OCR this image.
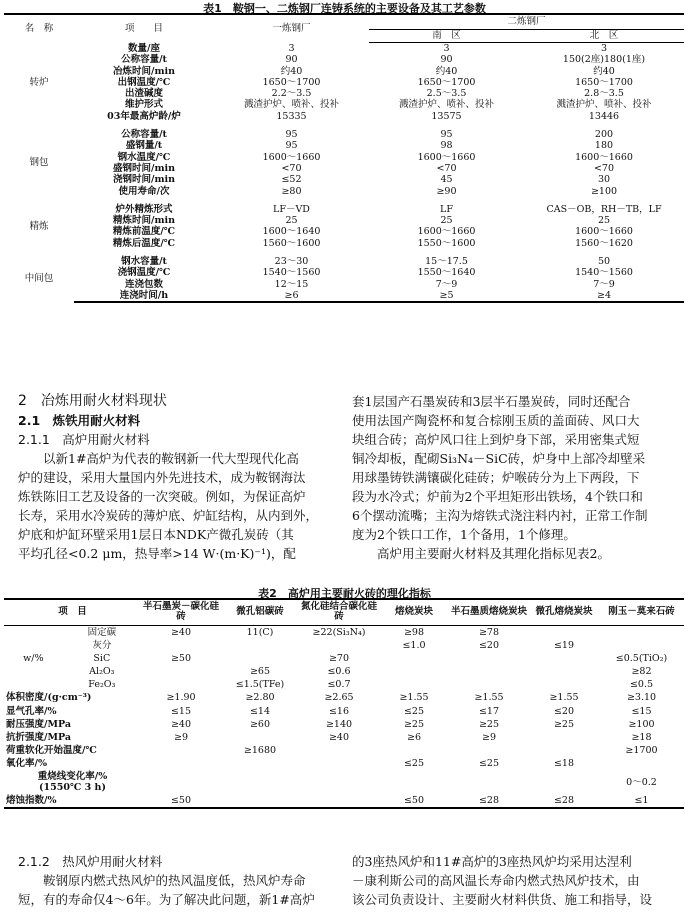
表1　鞍钢一、二炼钢厂连铸系统的主要设备及其工艺参数
名　称	项　　目	一炼钢厂	二炼钢厂	
			南　区	北　区
转炉	数量/座	3	3	3
	公称容量/t	90	90	150(2座)180(1座)
	冶炼时间/min	约40	约40	约40
	出钢温度/℃	1650～1700	1650～1700	1650～1700
	出渣碱度	2.2～3.5	2.5～3.5	2.8～3.5
	维护形式	溅渣护炉、喷补、投补	溅渣护炉、喷补、投补	溅渣护炉、喷补、投补
	03年最高炉龄/炉	15335	13575	13446

钢包	公称容量/t	95	95	200
	盛钢量/t	95	98	180
	钢水温度/℃	1600～1660	1600～1660	1600～1660
	盛钢时间/min	<70	<70	<70
	浇钢时间/min	≤52	45	30
	使用寿命/次	≥80	≥90	≥100

精炼	炉外精炼形式	LF－VD	LF	CAS－OB，RH－TB，LF
	精炼时间/min	25	25	25
	精炼前温度/℃	1600～1640	1600～1660	1600～1660
	精炼后温度/℃	1560～1600	1550～1600	1560～1620

中间包	钢水容量/t	23～30	15～17.5	50
	浇钢温度/℃	1540～1560	1550～1640	1540～1560
	连浇包数	12～15	7～9	7～9
	连浇时间/h	≥6	≥5	≥4
2　冶炼用耐火材料现状
2.1　炼铁用耐火材料
2.1.1　高炉用耐火材料
以新1#高炉为代表的鞍钢新一代大型现代化高
炉的建设，采用大量国内外先进技术，成为鞍钢海汰
炼铁陈旧工艺及设备的一次突破。例如，为保证高炉
长寿，采用水冷炭砖的薄炉底、炉缸结构，从内到外，
炉底和炉缸环壁采用1层日本NDK产微孔炭砖（其
平均孔径<0.2 μm，热导率>14 W·(m·K)⁻¹)，配
套1层国产石墨炭砖和3层半石墨炭砖，同时还配合
使用法国产陶瓷杯和复合棕刚玉质的盖面砖、风口大
块组合砖；高炉风口往上到炉身下部，采用密集式短
铜冷却板，配砌Si₃N₄－SiC砖，炉身中上部冷却壁采
用球墨铸铁满镶碳化硅砖；炉喉砖分为上下两段，下
段为水冷式；炉前为2个平坦矩形出铁场，4个铁口和
6个摆动流嘴；主沟为熔铁式浇注料内衬，正常工作制
度为2个铁口工作，1个备用，1个修理。
高炉用主要耐火材料及其理化指标见表2。
表2　高炉用主要耐火砖的理化指标
项　目		半石墨炭－碳化硅砖	微孔铝碳砖	氮化硅结合碳化硅砖	熔烧炭块	半石墨质熔烧炭块	微孔熔烧炭块	刚玉－莫来石砖
w/%	固定碳	≥40	11(C)	≥22(Si₃N₄)	≥98	≥78		
	灰分				≤1.0	≤20	≤19	
	SiC	≥50		≥70				≤0.5(TiO₂)
	Al₂O₃		≥65	≤0.6				≥82
	Fe₂O₃		≤1.5(TFe)	≤0.7				≤0.5
体积密度/(g·cm⁻³)		≥1.90	≥2.80	≥2.65	≥1.55	≥1.55	≥1.55	≥3.10
显气孔率/%		≤15	≤14	≤16	≤25	≤17	≤20	≤15
耐压强度/MPa		≥40	≥60	≥140	≥25	≥25	≥25	≥100
抗折强度/MPa		≥9		≥40	≥6	≥9		≥18
荷重软化开始温度/℃			≥1680					≥1700
氧化率/%					≤25	≤25	≤18	
重烧线变化率/%
(1550℃ 3 h)								0～0.2
熔蚀指数/%		≤50			≤50	≤28	≤28	≤1
2.1.2　热风炉用耐火材料
鞍钢原内燃式热风炉的热风温度低，热风炉寿命
短，有的寿命仅4～6年。为了解决此问题，新1#高炉
的3座热风炉和11#高炉的3座热风炉均采用达涅利
－康利斯公司的高风温长寿命内燃式热风炉技术，由
该公司负责设计、主要耐火材料供货、施工和指导，设
